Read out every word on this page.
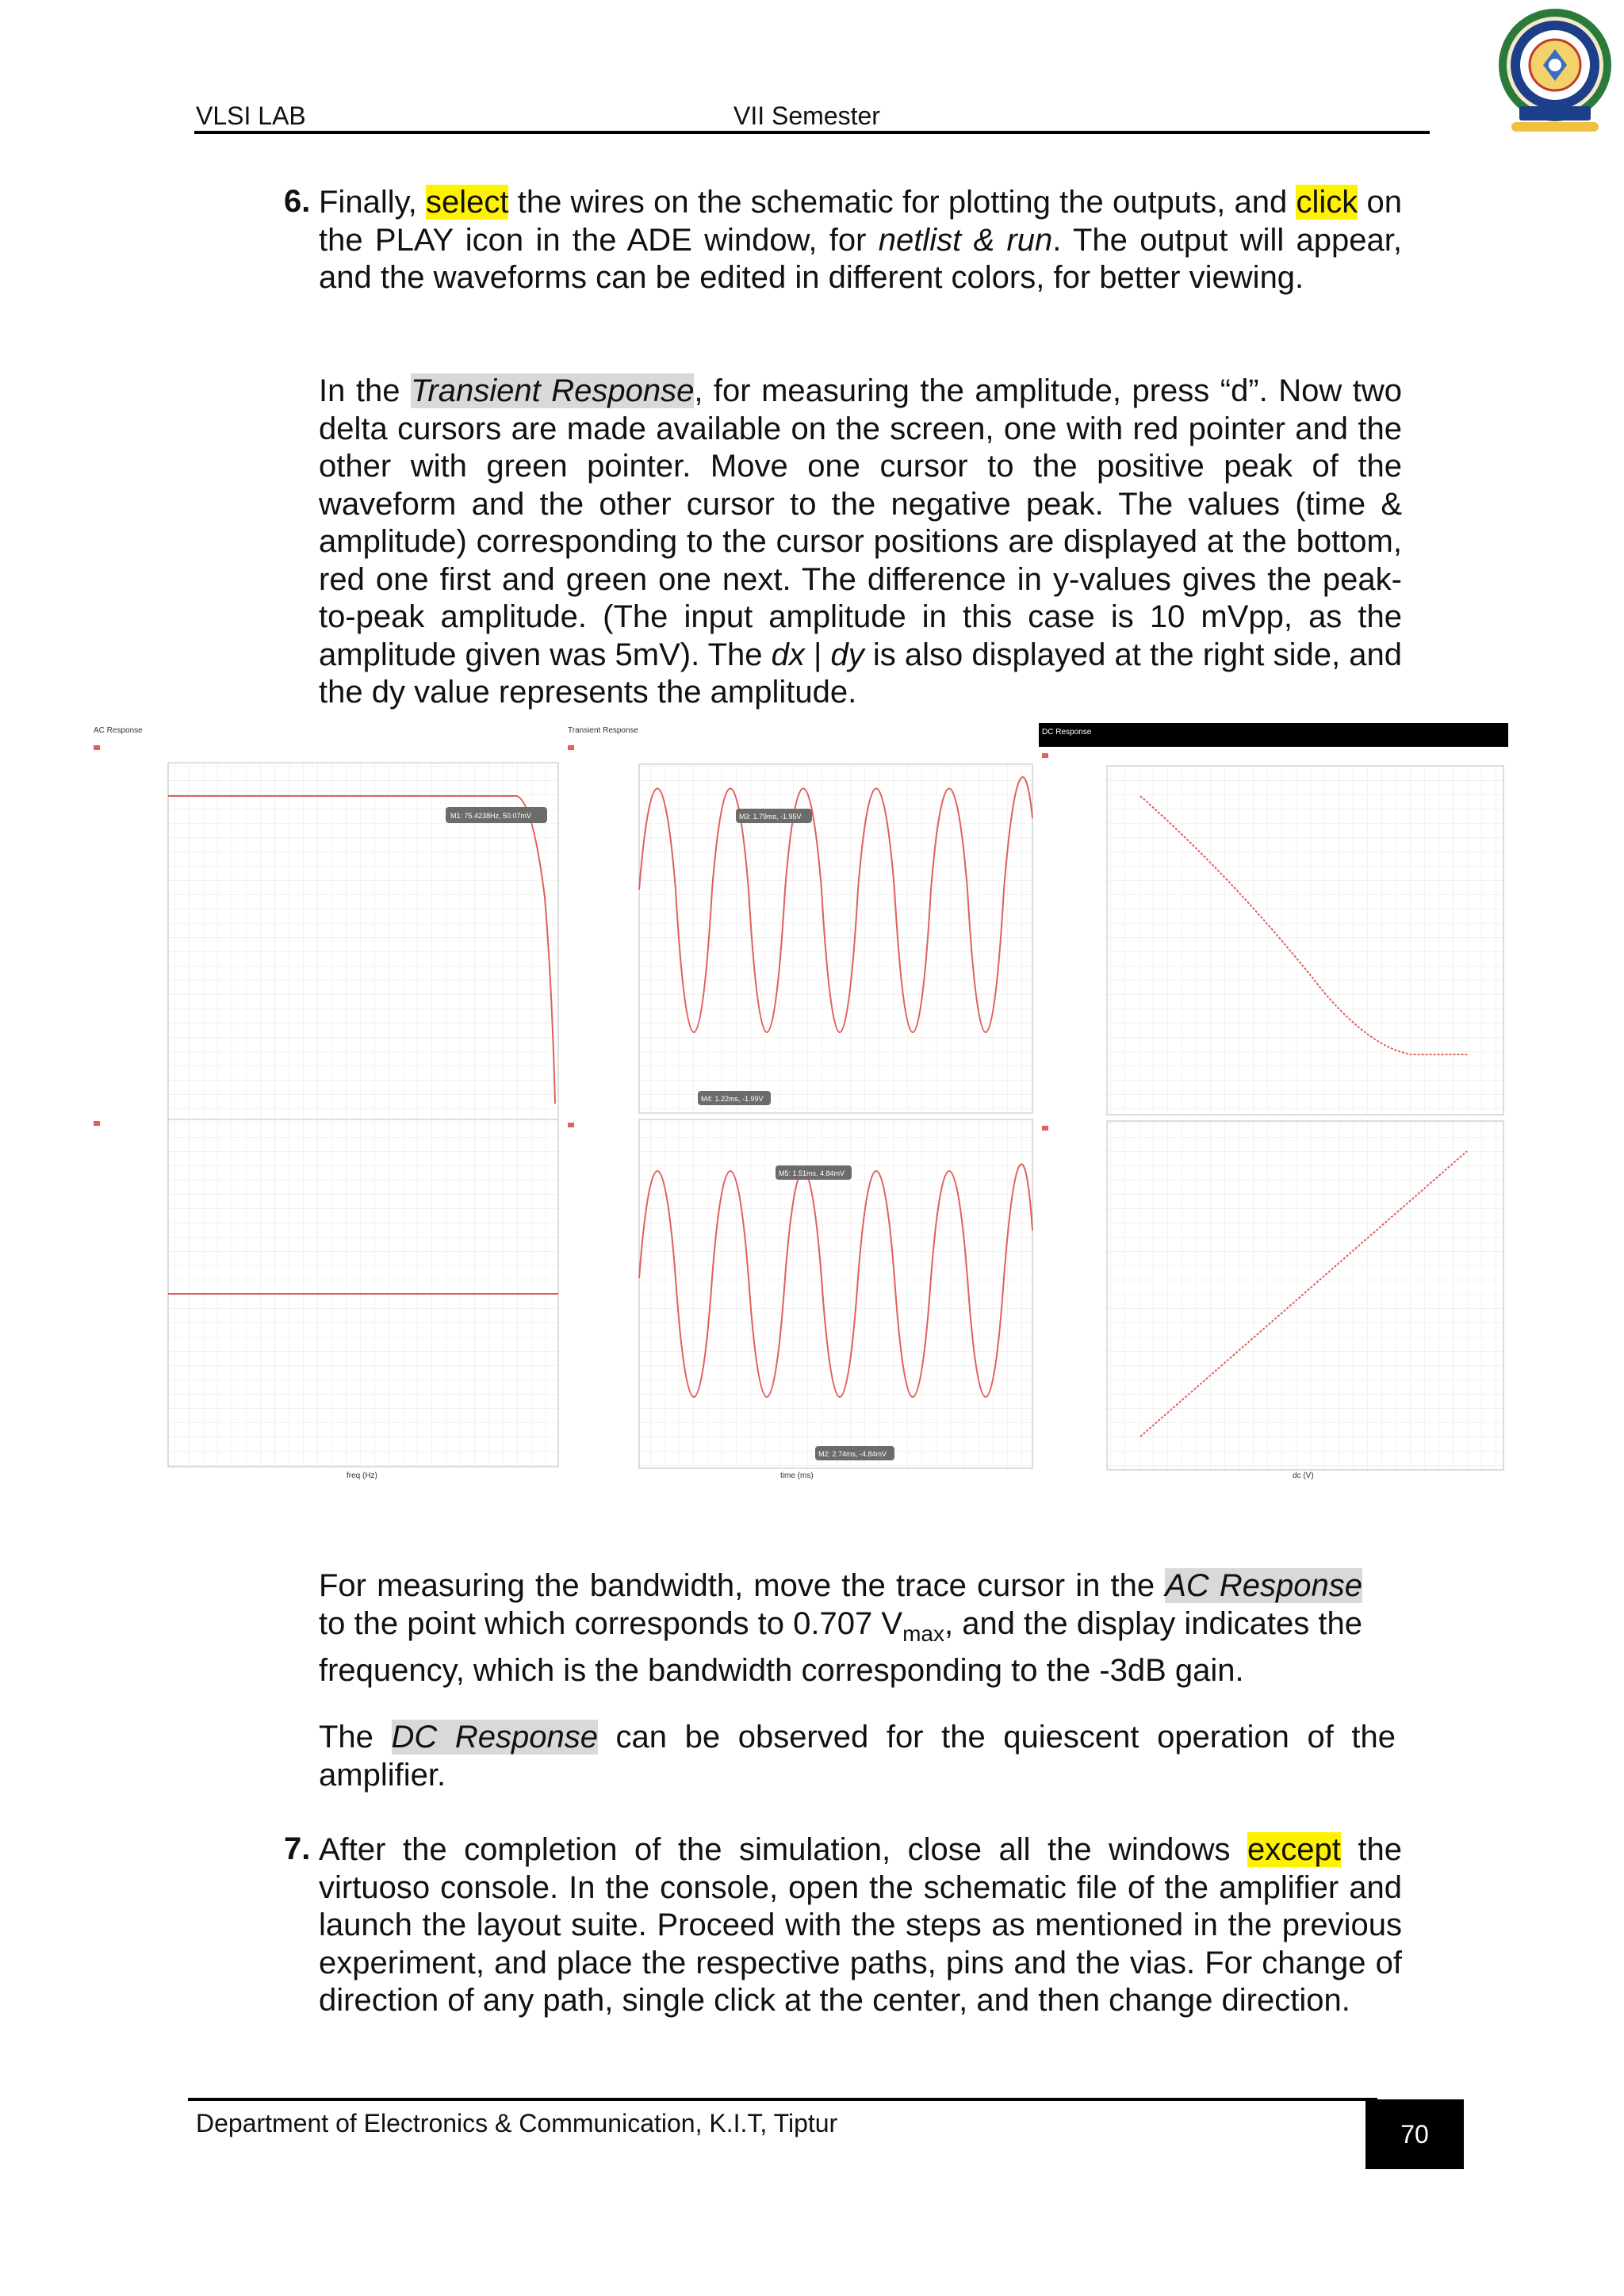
VLSI LAB	VII Semester
6. Finally, select the wires on the schematic for plotting the outputs, and click on the PLAY icon in the ADE window, for netlist & run. The output will appear, and the waveforms can be edited in different colors, for better viewing.

In the Transient Response, for measuring the amplitude, press “d”. Now two delta cursors are made available on the screen, one with red pointer and the other with green pointer. Move one cursor to the positive peak of the waveform and the other cursor to the negative peak. The values (time & amplitude) corresponding to the cursor positions are displayed at the bottom, red one first and green one next. The difference in y-values gives the peak-to-peak amplitude. (The input amplitude in this case is 10 mVpp, as the amplitude given was 5mV). The dx | dy is also displayed at the right side, and the dy value represents the amplitude.

AC Response
M1: 75.4238Hz, 50.07mV
freq (Hz)
Transient Response
M3: 1.79ms, -1.95V
M4: 1.22ms, -1.99V
M5: 1.51ms, 4.84mV
M2: 2.74ms, -4.84mV
time (ms)
DC Response
dc (V)

For measuring the bandwidth, move the trace cursor in the AC Response to the point which corresponds to 0.707 $V_{max}$, and the display indicates the frequency, which is the bandwidth corresponding to the -3dB gain.

The DC Response can be observed for the quiescent operation of the amplifier.

7. After the completion of the simulation, close all the windows except the virtuoso console. In the console, open the schematic file of the amplifier and launch the layout suite. Proceed with the steps as mentioned in the previous experiment, and place the respective paths, pins and the vias. For change of direction of any path, single click at the center, and then change direction.

Department of Electronics & Communication, K.I.T, Tiptur	70
